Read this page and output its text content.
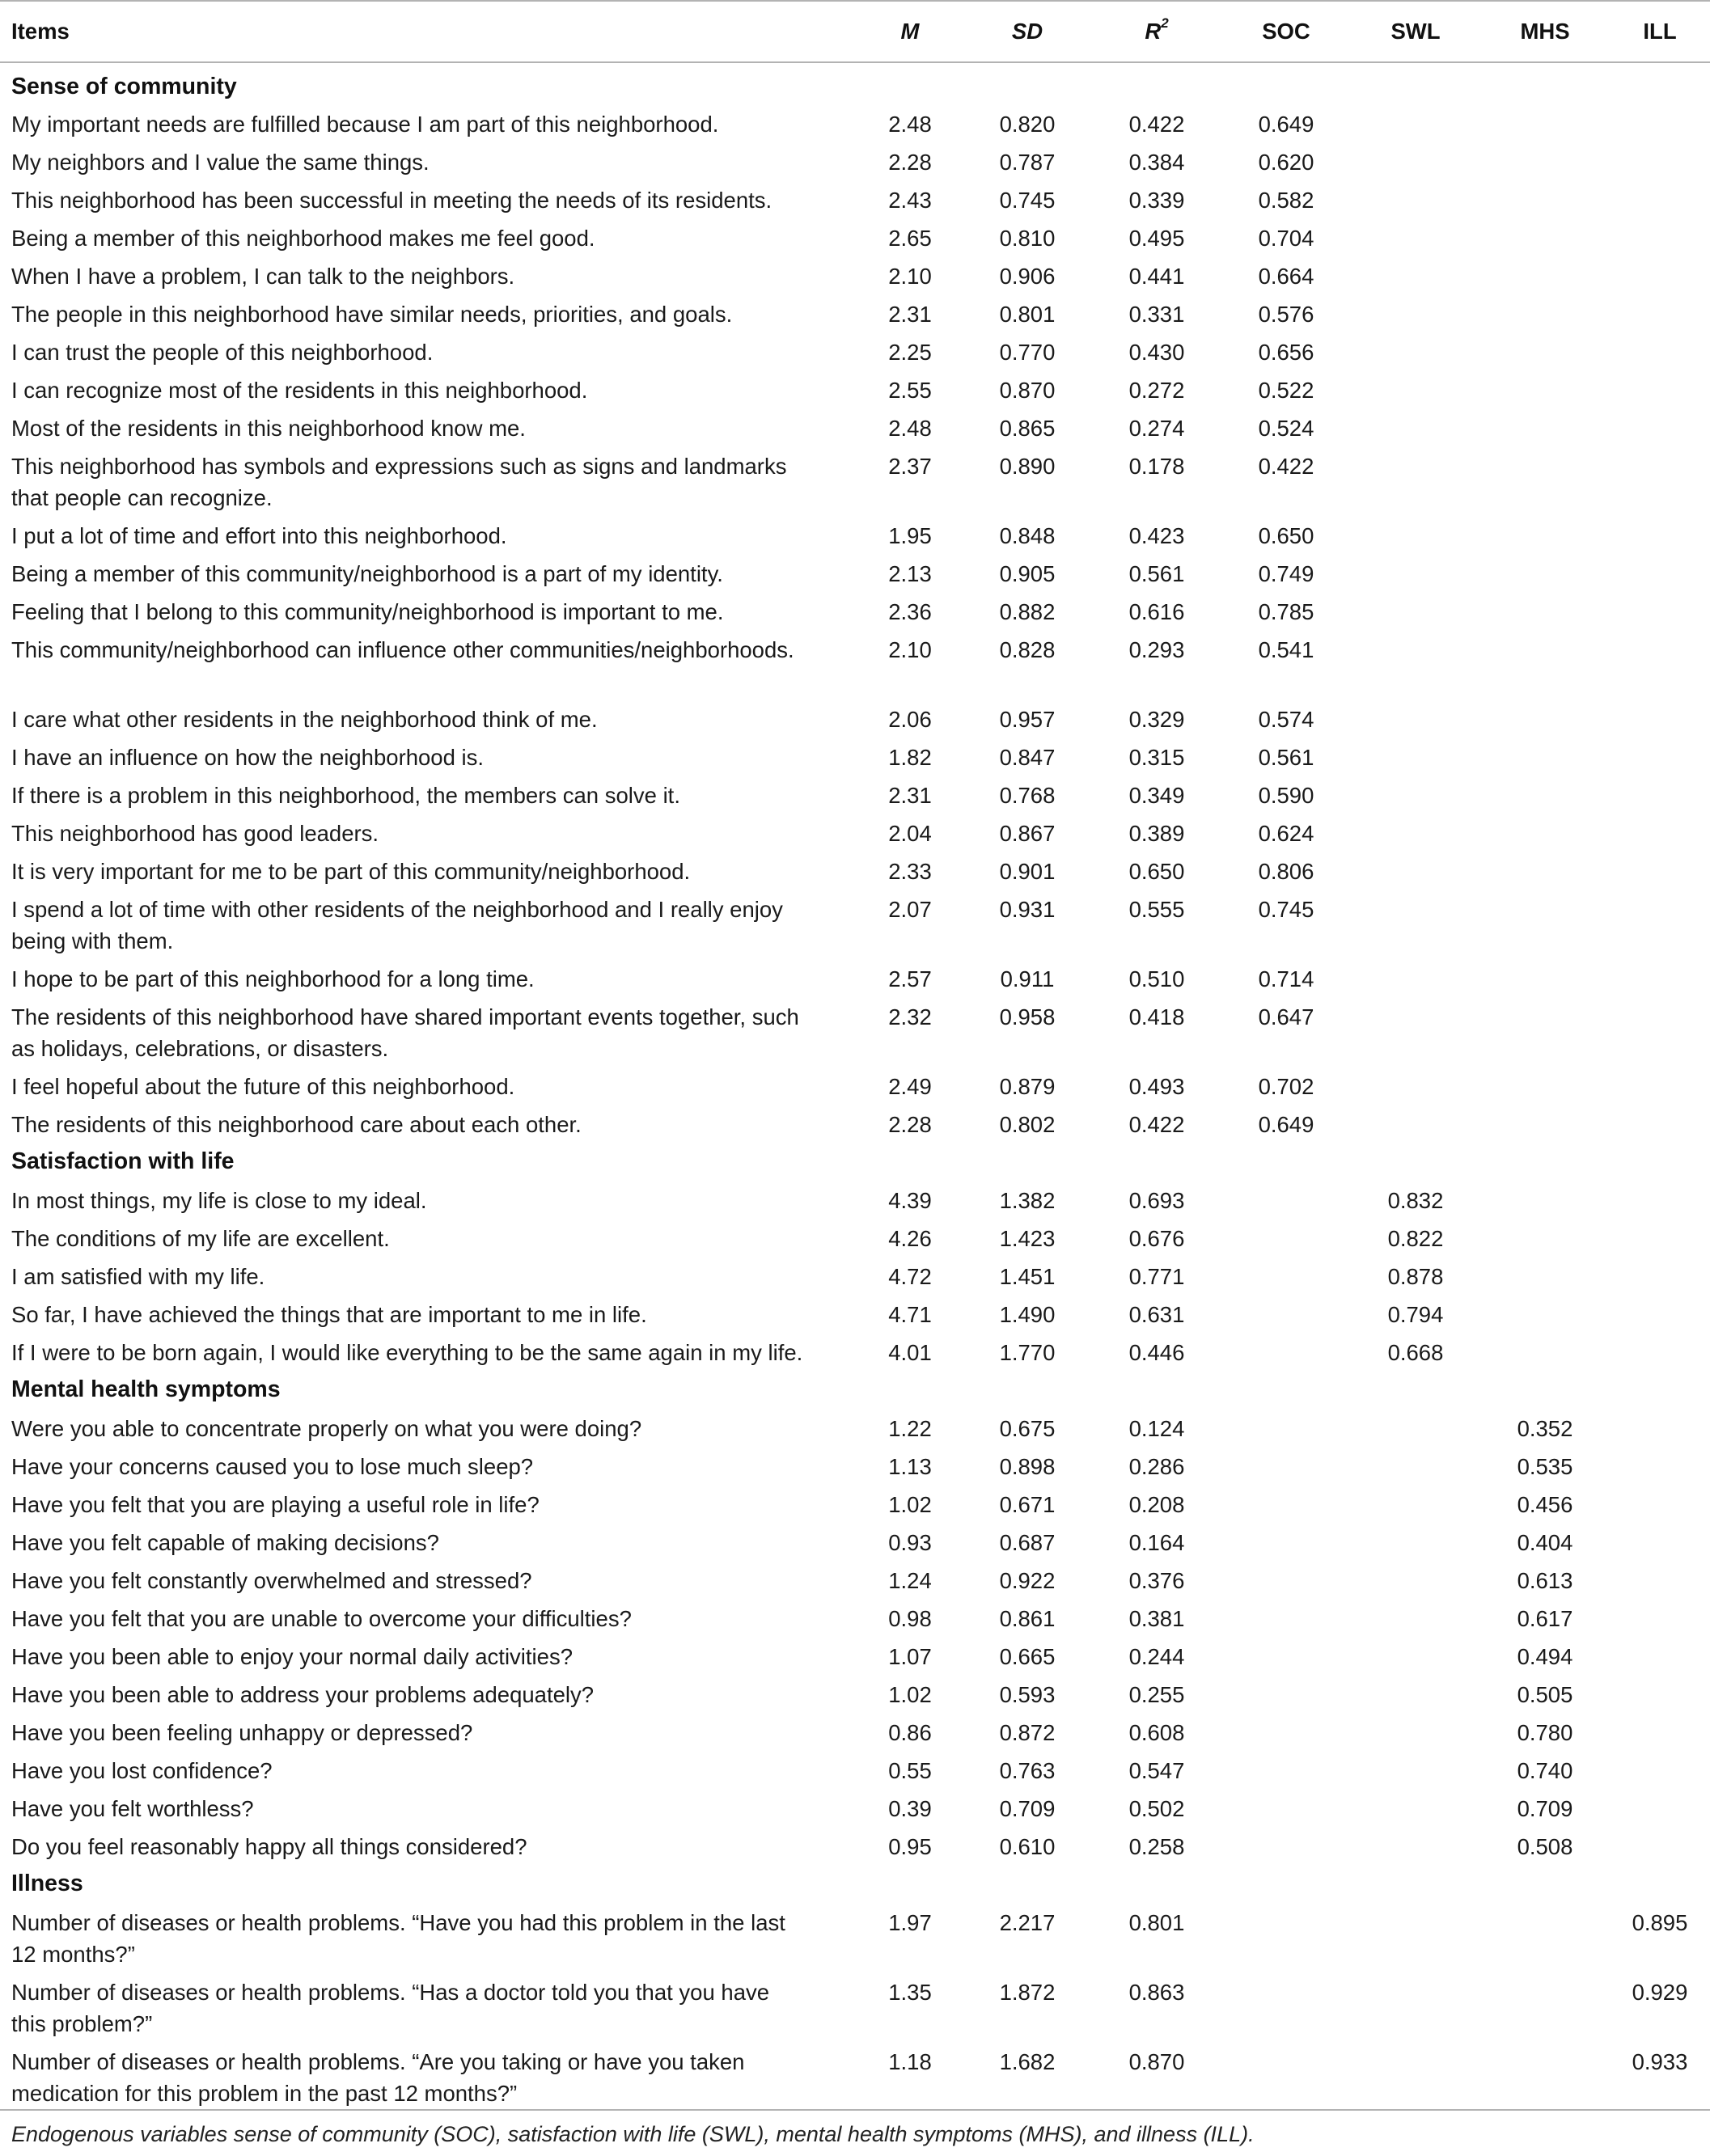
Items	M	SD	$R^2$	SOC	SWL	MHS	ILL
Sense of community							
My important needs are fulfilled because I am part of this neighborhood.	2.48	0.820	0.422	0.649			
My neighbors and I value the same things.	2.28	0.787	0.384	0.620			
This neighborhood has been successful in meeting the needs of its residents.	2.43	0.745	0.339	0.582			
Being a member of this neighborhood makes me feel good.	2.65	0.810	0.495	0.704			
When I have a problem, I can talk to the neighbors.	2.10	0.906	0.441	0.664			
The people in this neighborhood have similar needs, priorities, and goals.	2.31	0.801	0.331	0.576			
I can trust the people of this neighborhood.	2.25	0.770	0.430	0.656			
I can recognize most of the residents in this neighborhood.	2.55	0.870	0.272	0.522			
Most of the residents in this neighborhood know me.	2.48	0.865	0.274	0.524			
This neighborhood has symbols and expressions such as signs and landmarks that people can recognize.	2.37	0.890	0.178	0.422			
I put a lot of time and effort into this neighborhood.	1.95	0.848	0.423	0.650			
Being a member of this community/neighborhood is a part of my identity.	2.13	0.905	0.561	0.749			
Feeling that I belong to this community/neighborhood is important to me.	2.36	0.882	0.616	0.785			
This community/neighborhood can influence other communities/neighborhoods.	2.10	0.828	0.293	0.541			
I care what other residents in the neighborhood think of me.	2.06	0.957	0.329	0.574			
I have an influence on how the neighborhood is.	1.82	0.847	0.315	0.561			
If there is a problem in this neighborhood, the members can solve it.	2.31	0.768	0.349	0.590			
This neighborhood has good leaders.	2.04	0.867	0.389	0.624			
It is very important for me to be part of this community/neighborhood.	2.33	0.901	0.650	0.806			
I spend a lot of time with other residents of the neighborhood and I really enjoy being with them.	2.07	0.931	0.555	0.745			
I hope to be part of this neighborhood for a long time.	2.57	0.911	0.510	0.714			
The residents of this neighborhood have shared important events together, such as holidays, celebrations, or disasters.	2.32	0.958	0.418	0.647			
I feel hopeful about the future of this neighborhood.	2.49	0.879	0.493	0.702			
The residents of this neighborhood care about each other.	2.28	0.802	0.422	0.649			
Satisfaction with life							
In most things, my life is close to my ideal.	4.39	1.382	0.693		0.832		
The conditions of my life are excellent.	4.26	1.423	0.676		0.822		
I am satisfied with my life.	4.72	1.451	0.771		0.878		
So far, I have achieved the things that are important to me in life.	4.71	1.490	0.631		0.794		
If I were to be born again, I would like everything to be the same again in my life.	4.01	1.770	0.446		0.668		
Mental health symptoms							
Were you able to concentrate properly on what you were doing?	1.22	0.675	0.124			0.352	
Have your concerns caused you to lose much sleep?	1.13	0.898	0.286			0.535	
Have you felt that you are playing a useful role in life?	1.02	0.671	0.208			0.456	
Have you felt capable of making decisions?	0.93	0.687	0.164			0.404	
Have you felt constantly overwhelmed and stressed?	1.24	0.922	0.376			0.613	
Have you felt that you are unable to overcome your difficulties?	0.98	0.861	0.381			0.617	
Have you been able to enjoy your normal daily activities?	1.07	0.665	0.244			0.494	
Have you been able to address your problems adequately?	1.02	0.593	0.255			0.505	
Have you been feeling unhappy or depressed?	0.86	0.872	0.608			0.780	
Have you lost confidence?	0.55	0.763	0.547			0.740	
Have you felt worthless?	0.39	0.709	0.502			0.709	
Do you feel reasonably happy all things considered?	0.95	0.610	0.258			0.508	
Illness							
Number of diseases or health problems. “Have you had this problem in the last 12 months?”	1.97	2.217	0.801				0.895
Number of diseases or health problems. “Has a doctor told you that you have this problem?”	1.35	1.872	0.863				0.929
Number of diseases or health problems. “Are you taking or have you taken medication for this problem in the past 12 months?”	1.18	1.682	0.870				0.933
Endogenous variables sense of community (SOC), satisfaction with life (SWL), mental health symptoms (MHS), and illness (ILL).
